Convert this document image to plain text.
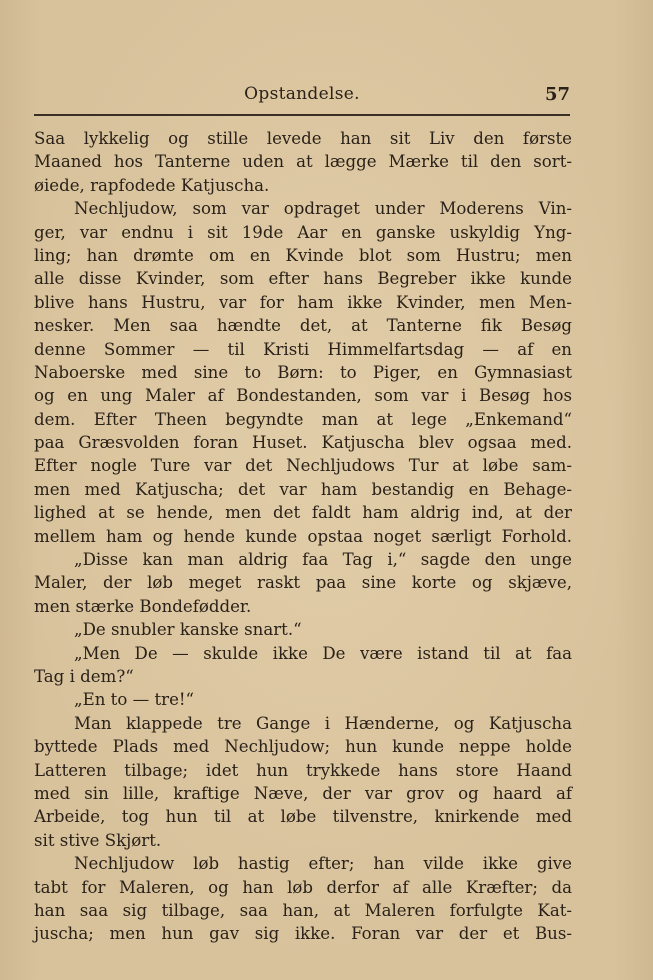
Opstandelse.	57
Saa lykkelig og stille levede han sit Liv den første
Maaned hos Tanterne uden at lægge Mærke til den sort-
øiede, rapfodede Katjuscha.
Nechljudow, som var opdraget under Moderens Vin-
ger, var endnu i sit 19de Aar en ganske uskyldig Yng-
ling; han drømte om en Kvinde blot som Hustru; men
alle disse Kvinder, som efter hans Begreber ikke kunde
blive hans Hustru, var for ham ikke Kvinder, men Men-
nesker. Men saa hændte det, at Tanterne fik Besøg
denne Sommer — til Kristi Himmelfartsdag — af en
Naboerske med sine to Børn: to Piger, en Gymnasiast
og en ung Maler af Bondestanden, som var i Besøg hos
dem. Efter Theen begyndte man at lege „Enkemand“
paa Græsvolden foran Huset. Katjuscha blev ogsaa med.
Efter nogle Ture var det Nechljudows Tur at løbe sam-
men med Katjuscha; det var ham bestandig en Behage-
lighed at se hende, men det faldt ham aldrig ind, at der
mellem ham og hende kunde opstaa noget særligt Forhold.
„Disse kan man aldrig faa Tag i,“ sagde den unge
Maler, der løb meget raskt paa sine korte og skjæve,
men stærke Bondefødder.
„De snubler kanske snart.“
„Men De — skulde ikke De være istand til at faa
Tag i dem?“
„En to — tre!“
Man klappede tre Gange i Hænderne, og Katjuscha
byttede Plads med Nechljudow; hun kunde neppe holde
Latteren tilbage; idet hun trykkede hans store Haand
med sin lille, kraftige Næve, der var grov og haard af
Arbeide, tog hun til at løbe tilvenstre, knirkende med
sit stive Skjørt.
Nechljudow løb hastig efter; han vilde ikke give
tabt for Maleren, og han løb derfor af alle Kræfter; da
han saa sig tilbage, saa han, at Maleren forfulgte Kat-
juscha; men hun gav sig ikke. Foran var der et Bus-
